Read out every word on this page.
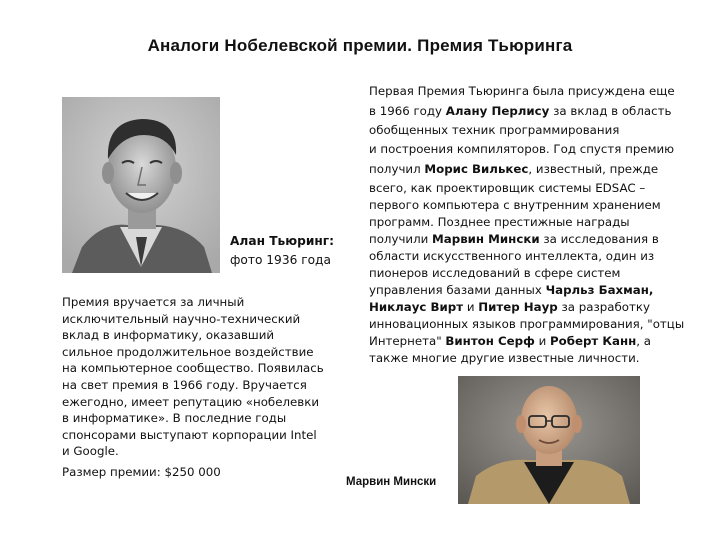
Аналоги Нобелевской премии. Премия Тьюринга
Алан Тьюринг:
фото 1936 года
Премия вручается за личный
исключительный научно-технический
вклад в информатику, оказавший
сильное продолжительное воздействие
на компьютерное сообщество. Появилась
на свет премия в 1966 году. Вручается
ежегодно, имеет репутацию «нобелевки
в информатике». В последние годы
спонсорами выступают корпорации Intel
и Google.
Размер премии: $250 000
Первая Премия Тьюринга была присуждена еще
в 1966 году Алану Перлису за вклад в область
обобщенных техник программирования
и построения компиляторов. Год спустя премию
получил Морис Вилькес, известный, прежде
всего, как проектировщик системы EDSAC –
первого компьютера с внутренним хранением
программ. Позднее престижные награды
получили Марвин Мински за исследования в
области искусственного интеллекта, один из
пионеров исследований в сфере систем
управления базами данных Чарльз Бахман,
Никлаус Вирт и Питер Наур за разработку
инновационных языков программирования, "отцы
Интернета" Винтон Серф и Роберт Канн, а
также многие другие известные личности.
Марвин Мински
